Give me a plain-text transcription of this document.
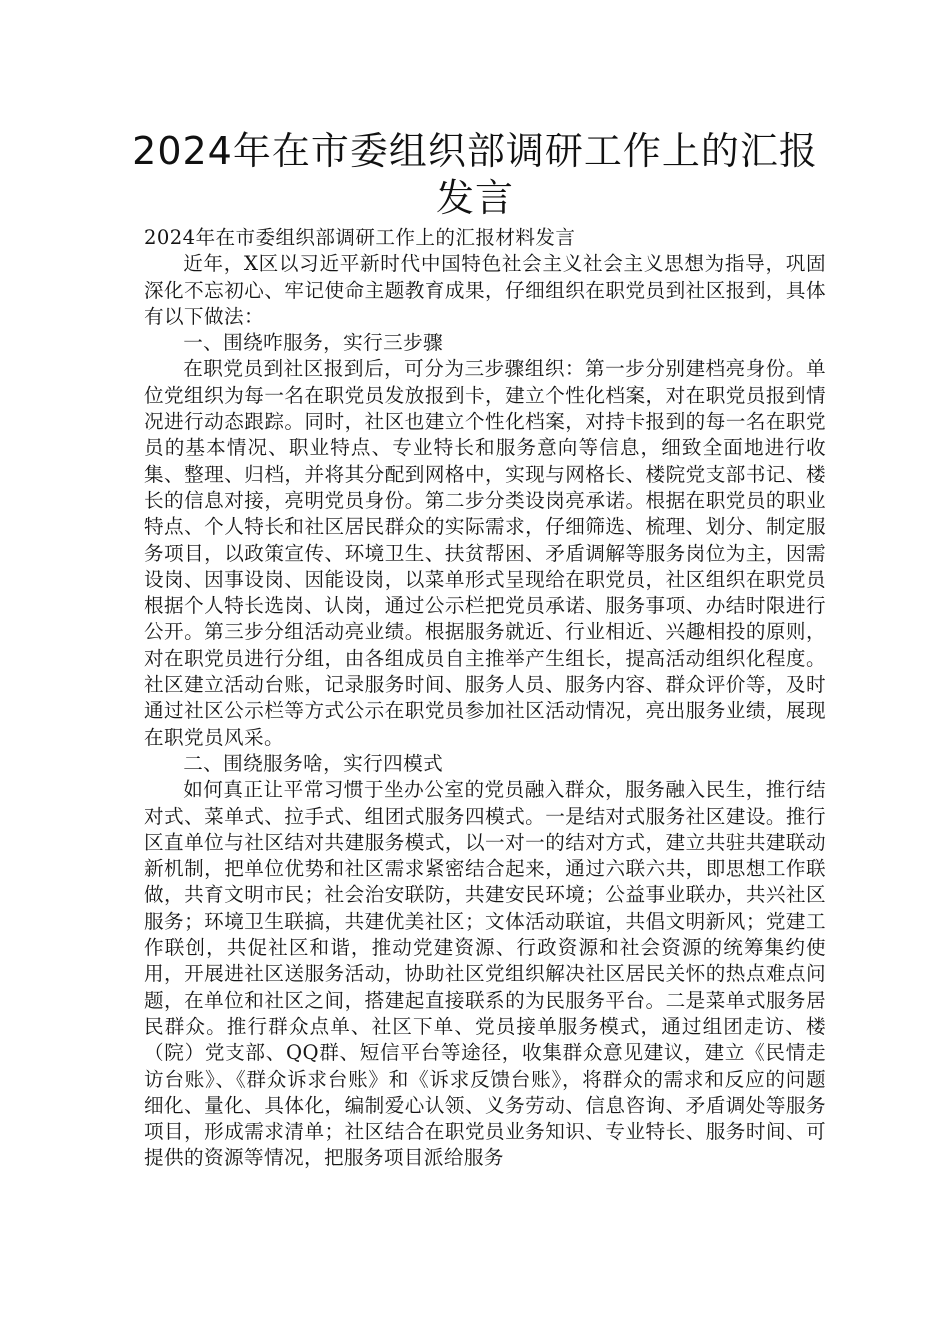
2024年在市委组织部调研工作上的汇报发言

2024年在市委组织部调研工作上的汇报材料发言

近年，X区以习近平新时代中国特色社会主义社会主义思想为指导，巩固深化不忘初心、牢记使命主题教育成果，仔细组织在职党员到社区报到，具体有以下做法：

一、围绕咋服务，实行三步骤

在职党员到社区报到后，可分为三步骤组织：第一步分别建档亮身份。单位党组织为每一名在职党员发放报到卡，建立个性化档案，对在职党员报到情况进行动态跟踪。同时，社区也建立个性化档案，对持卡报到的每一名在职党员的基本情况、职业特点、专业特长和服务意向等信息，细致全面地进行收集、整理、归档，并将其分配到网格中，实现与网格长、楼院党支部书记、楼长的信息对接，亮明党员身份。第二步分类设岗亮承诺。根据在职党员的职业特点、个人特长和社区居民群众的实际需求，仔细筛选、梳理、划分、制定服务项目，以政策宣传、环境卫生、扶贫帮困、矛盾调解等服务岗位为主，因需设岗、因事设岗、因能设岗，以菜单形式呈现给在职党员，社区组织在职党员根据个人特长选岗、认岗，通过公示栏把党员承诺、服务事项、办结时限进行公开。第三步分组活动亮业绩。根据服务就近、行业相近、兴趣相投的原则，对在职党员进行分组，由各组成员自主推举产生组长，提高活动组织化程度。社区建立活动台账，记录服务时间、服务人员、服务内容、群众评价等，及时通过社区公示栏等方式公示在职党员参加社区活动情况，亮出服务业绩，展现在职党员风采。

二、围绕服务啥，实行四模式

如何真正让平常习惯于坐办公室的党员融入群众，服务融入民生，推行结对式、菜单式、拉手式、组团式服务四模式。一是结对式服务社区建设。推行区直单位与社区结对共建服务模式，以一对一的结对方式，建立共驻共建联动新机制，把单位优势和社区需求紧密结合起来，通过六联六共，即思想工作联做，共育文明市民；社会治安联防，共建安民环境；公益事业联办，共兴社区服务；环境卫生联搞，共建优美社区；文体活动联谊，共倡文明新风；党建工作联创，共促社区和谐，推动党建资源、行政资源和社会资源的统筹集约使用，开展进社区送服务活动，协助社区党组织解决社区居民关怀的热点难点问题，在单位和社区之间，搭建起直接联系的为民服务平台。二是菜单式服务居民群众。推行群众点单、社区下单、党员接单服务模式，通过组团走访、楼（院）党支部、QQ群、短信平台等途径，收集群众意见建议，建立《民情走访台账》、《群众诉求台账》和《诉求反馈台账》，将群众的需求和反应的问题细化、量化、具体化，编制爱心认领、义务劳动、信息咨询、矛盾调处等服务项目，形成需求清单；社区结合在职党员业务知识、专业特长、服务时间、可提供的资源等情况，把服务项目派给服务
